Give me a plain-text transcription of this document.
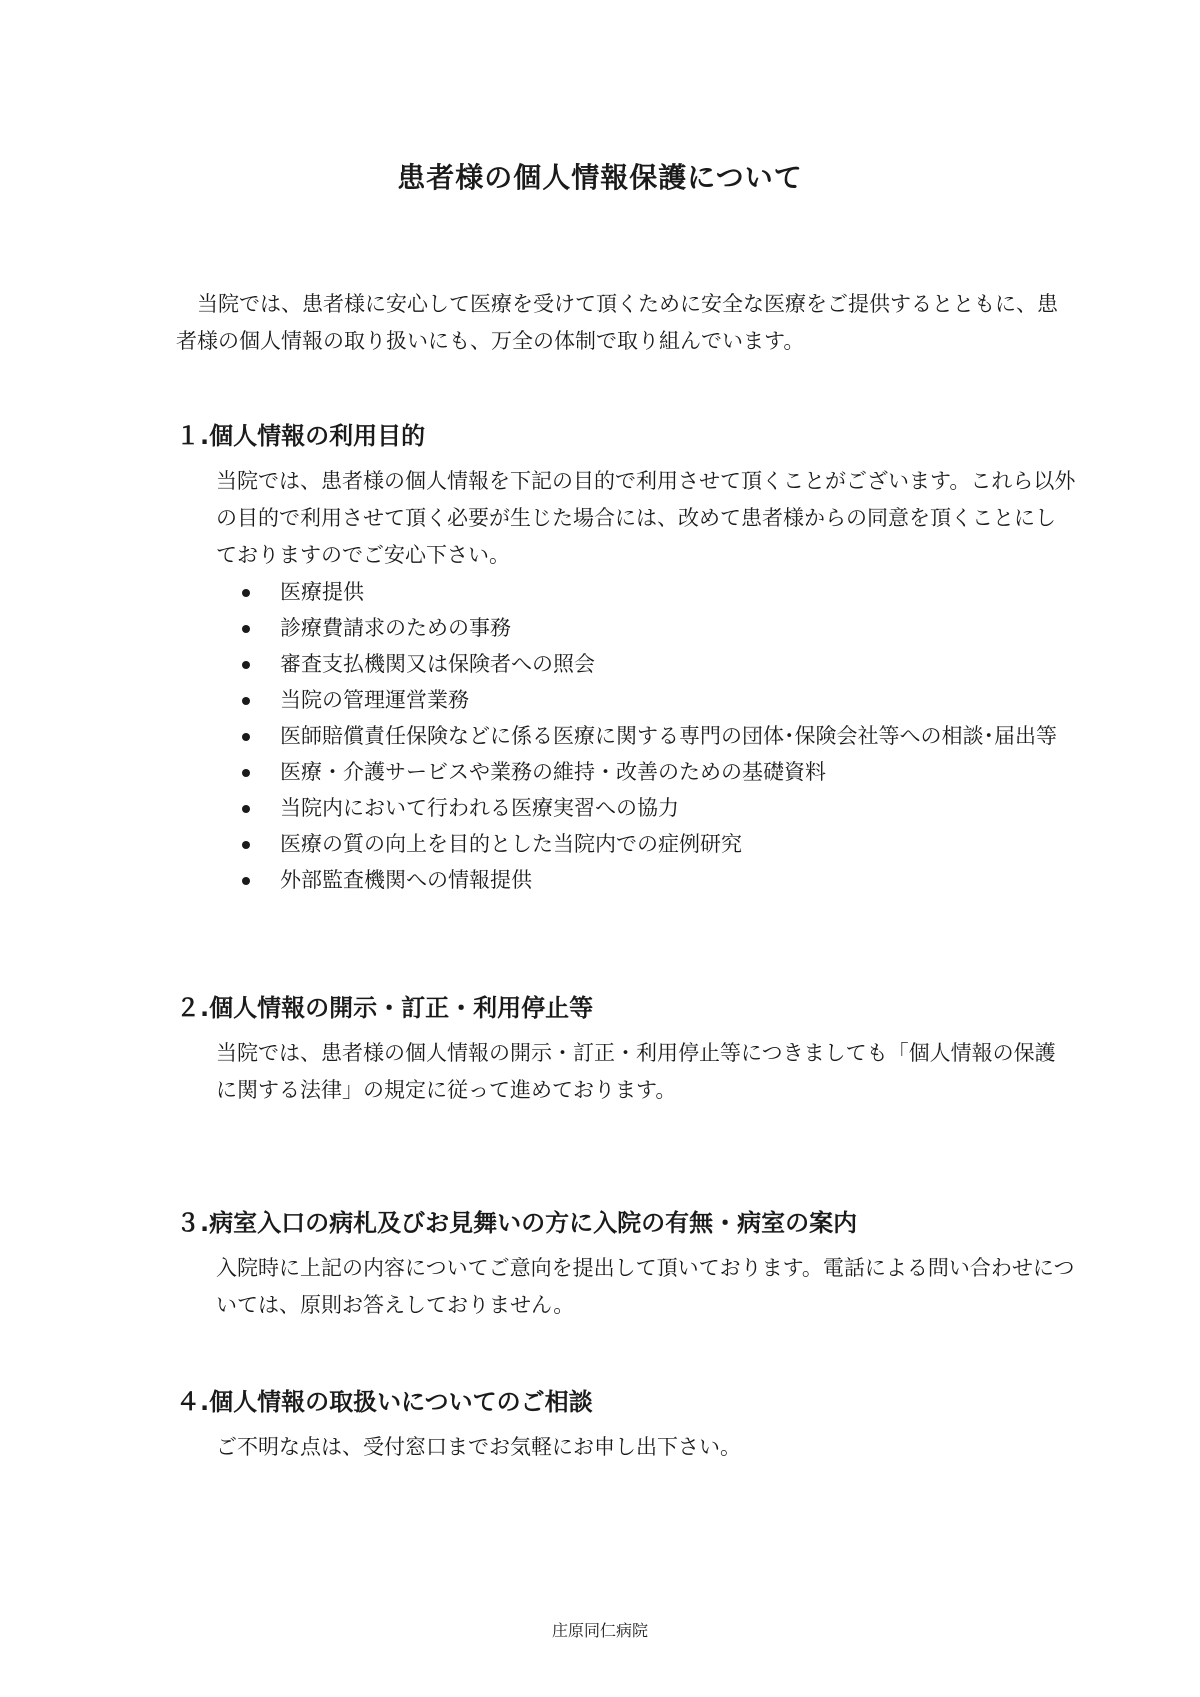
患者様の個人情報保護について
当院では、患者様に安心して医療を受けて頂くために安全な医療をご提供するとともに、患者様の個人情報の取り扱いにも、万全の体制で取り組んでいます。
１.個人情報の利用目的

当院では、患者様の個人情報を下記の目的で利用させて頂くことがございます。これら以外の目的で利用させて頂く必要が生じた場合には、改めて患者様からの同意を頂くことにしておりますのでご安心下さい。

医療提供
診療費請求のための事務
審査支払機関又は保険者への照会
当院の管理運営業務
医師賠償責任保険などに係る医療に関する専門の団体･保険会社等への相談･届出等
医療・介護サービスや業務の維持・改善のための基礎資料
当院内において行われる医療実習への協力
医療の質の向上を目的とした当院内での症例研究
外部監査機関への情報提供
２.個人情報の開示・訂正・利用停止等

当院では、患者様の個人情報の開示・訂正・利用停止等につきましても「個人情報の保護に関する法律」の規定に従って進めております。

３.病室入口の病札及びお見舞いの方に入院の有無・病室の案内

入院時に上記の内容についてご意向を提出して頂いております。電話による問い合わせについては、原則お答えしておりません。

４.個人情報の取扱いについてのご相談

ご不明な点は、受付窓口までお気軽にお申し出下さい。

庄原同仁病院
